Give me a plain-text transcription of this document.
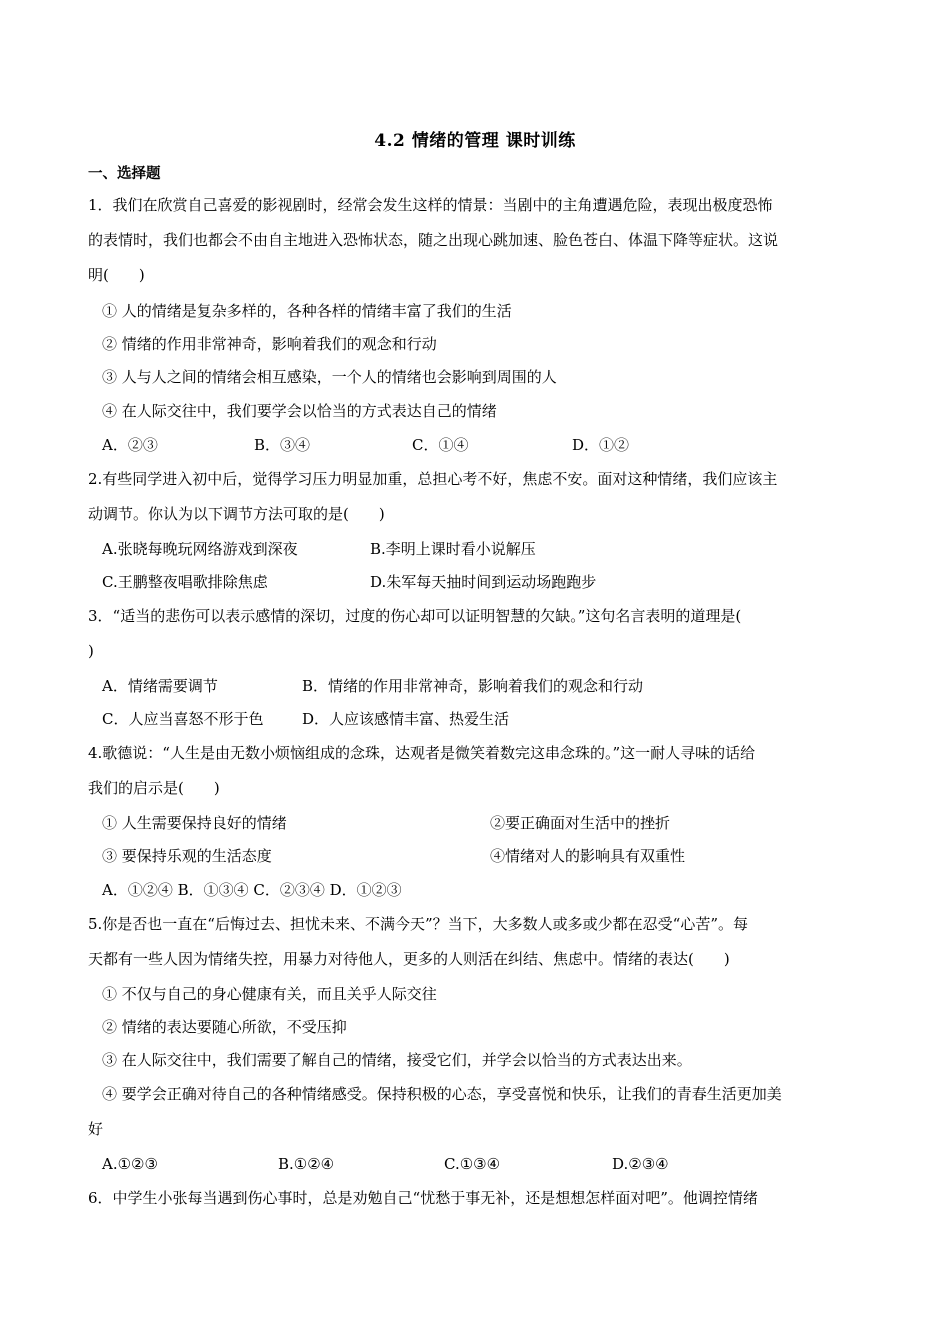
4.2 情绪的管理 课时训练
一、选择题
1．我们在欣赏自己喜爱的影视剧时，经常会发生这样的情景：当剧中的主角遭遇危险，表现出极度恐怖
的表情时，我们也都会不由自主地进入恐怖状态，随之出现心跳加速、脸色苍白、体温下降等症状。这说
明(　　)
① 人的情绪是复杂多样的，各种各样的情绪丰富了我们的生活
② 情绪的作用非常神奇，影响着我们的观念和行动
③ 人与人之间的情绪会相互感染，一个人的情绪也会影响到周围的人
④ 在人际交往中，我们要学会以恰当的方式表达自己的情绪
A．②③	B．③④	C．①④	D．①②
2.有些同学进入初中后，觉得学习压力明显加重，总担心考不好，焦虑不安。面对这种情绪，我们应该主
动调节。你认为以下调节方法可取的是(　　)
A.张晓每晚玩网络游戏到深夜	B.李明上课时看小说解压
C.王鹏整夜唱歌排除焦虑	D.朱军每天抽时间到运动场跑跑步
3．“适当的悲伤可以表示感情的深切，过度的伤心却可以证明智慧的欠缺。”这句名言表明的道理是(
)
A．情绪需要调节	B．情绪的作用非常神奇，影响着我们的观念和行动
C．人应当喜怒不形于色	D．人应该感情丰富、热爱生活
4.歌德说：“人生是由无数小烦恼组成的念珠，达观者是微笑着数完这串念珠的。”这一耐人寻味的话给
我们的启示是(　　)
① 人生需要保持良好的情绪	②要正确面对生活中的挫折
③ 要保持乐观的生活态度	④情绪对人的影响具有双重性
A．①②④ B．①③④ C．②③④ D．①②③
5.你是否也一直在“后悔过去、担忧未来、不满今天”？当下，大多数人或多或少都在忍受“心苦”。每
天都有一些人因为情绪失控，用暴力对待他人，更多的人则活在纠结、焦虑中。情绪的表达(　　)
① 不仅与自己的身心健康有关，而且关乎人际交往
② 情绪的表达要随心所欲，不受压抑
③ 在人际交往中，我们需要了解自己的情绪，接受它们，并学会以恰当的方式表达出来。
④ 要学会正确对待自己的各种情绪感受。保持积极的心态，享受喜悦和快乐，让我们的青春生活更加美
好
A.①②③	B.①②④	C.①③④	D.②③④
6．中学生小张每当遇到伤心事时，总是劝勉自己“忧愁于事无补，还是想想怎样面对吧”。他调控情绪
